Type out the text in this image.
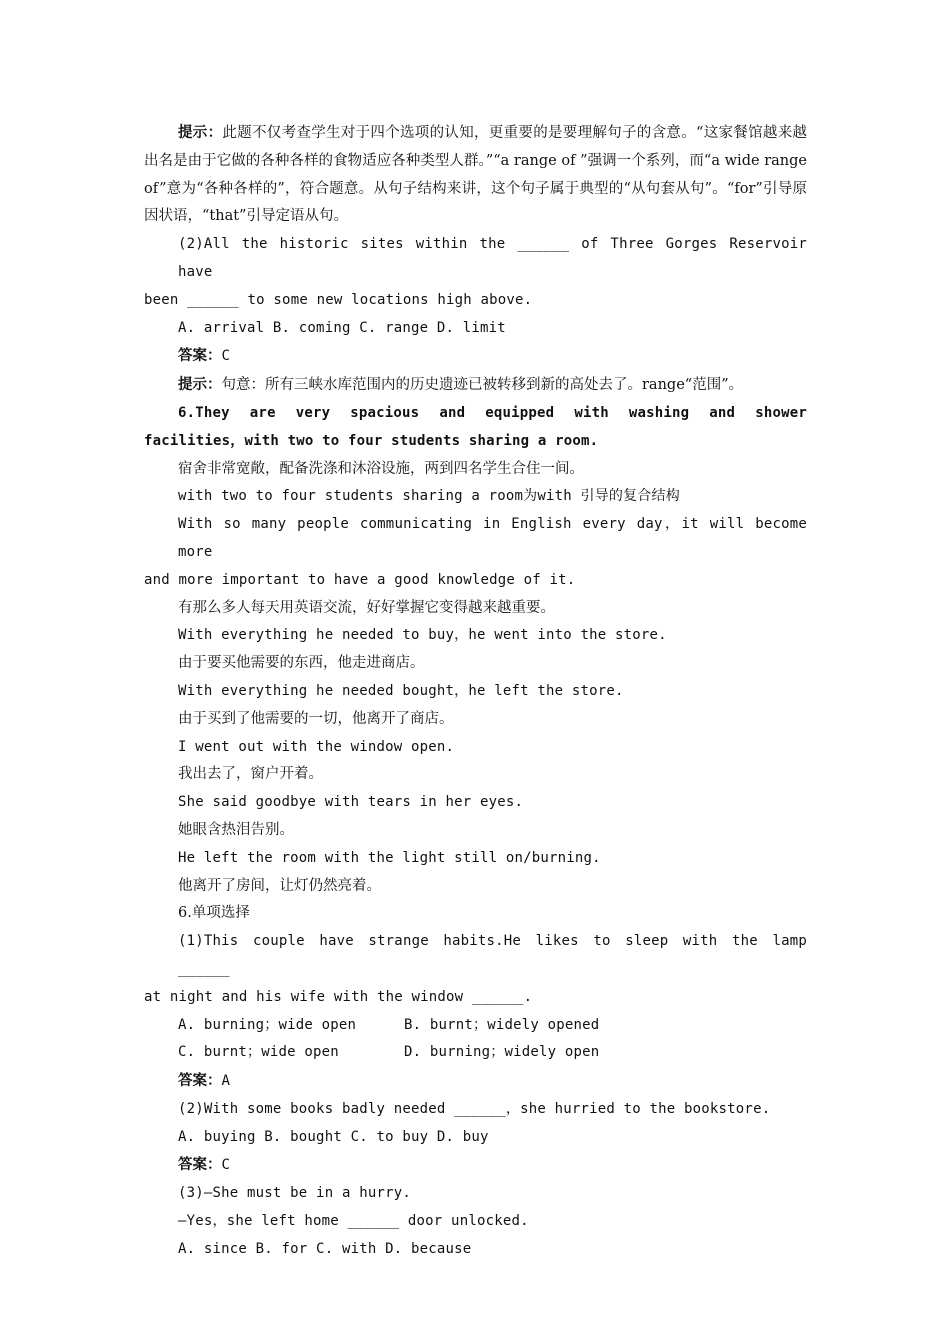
提示：此题不仅考查学生对于四个选项的认知，更重要的是要理解句子的含意。“这家餐馆越来越出名是由于它做的各种各样的食物适应各种类型人群。”“a range of ”强调一个系列，而“a wide range of”意为“各种各样的”，符合题意。从句子结构来讲，这个句子属于典型的“从句套从句”。“for”引导原因状语，“that”引导定语从句。

(2)All the historic sites within the ______ of Three Gorges Reservoir have

been ______ to some new locations high above.

A. arrival B. coming C. range D. limit

答案：C

提示：句意：所有三峡水库范围内的历史遗迹已被转移到新的高处去了。range“范围”。

6.They are very spacious and equipped with washing and shower

facilities，with two to four students sharing a room.

宿舍非常宽敞，配备洗涤和沐浴设施，两到四名学生合住一间。

with two to four students sharing a room为with 引导的复合结构

With so many people communicating in English every day，it will become more

and more important to have a good knowledge of it.

有那么多人每天用英语交流，好好掌握它变得越来越重要。

With everything he needed to buy，he went into the store.

由于要买他需要的东西，他走进商店。

With everything he needed bought，he left the store.

由于买到了他需要的一切，他离开了商店。

I went out with the window open.

我出去了，窗户开着。

She said goodbye with tears in her eyes.

她眼含热泪告别。

He left the room with the light still on/burning.

他离开了房间，让灯仍然亮着。

6.单项选择

(1)This couple have strange habits.He likes to sleep with the lamp ______

at night and his wife with the window ______.

A. burning；wide open	B. burnt；widely opened
C. burnt；wide open	D. burning；widely open

答案：A

(2)With some books badly needed ______，she hurried to the bookstore.

A. buying B. bought C. to buy D. buy

答案：C

(3)—She must be in a hurry.

—Yes，she left home ______ door unlocked.

A. since B. for C. with D. because
